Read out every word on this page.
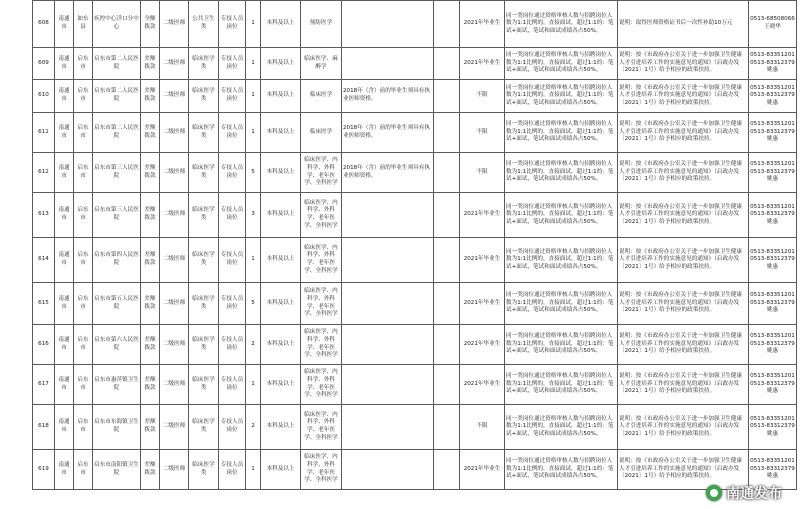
608	南通市	如东县	疾控中心洋口分中心	全额拨款	二级医师	公共卫生类	专技人员岗位	1	本科及以上	预防医学			2021年毕业生	同一类岗位通过资格审核人数与招聘岗位人数为1:1比例的，直接面试，超过1:1的：笔试+面试，笔试和面试成绩各占50%。	说明：取得医师资格证书后一次性补助10万元	0513-68508066王晓华
609	南通市	启东市	启东市第二人民医院	差额拨款	二级医师	临床医学类	专技人员岗位	1	本科及以上	临床医学、麻醉学			2021年毕业生	同一类岗位通过资格审核人数与招聘岗位人数为1:1比例的，直接面试，超过1:1的：笔试+面试，笔试和面试成绩各占50%。	说明：按《市政府办公室关于进一步加强卫生健康人才引进培养工作的实施意见的通知》（启政办发〔2021〕1号）给予相应的政策扶持。	0513-83351201 0513-83312379姚惠
610	南通市	启东市	启东市第二人民医院	差额拨款	二级医师	临床医学类	专技人员岗位	1	本科及以上	临床医学	2018年（含）前的毕业生须具有执业医师资格。		不限	同一类岗位通过资格审核人数与招聘岗位人数为1:1比例的，直接面试，超过1:1的：笔试+面试，笔试和面试成绩各占50%。	说明：按《市政府办公室关于进一步加强卫生健康人才引进培养工作的实施意见的通知》（启政办发〔2021〕1号）给予相应的政策扶持。	0513-83351201 0513-83312379姚惠
611	南通市	启东市	启东市第二人民医院	差额拨款	二级医师	临床医学类	专技人员岗位	1	本科及以上	临床医学	2018年（含）前的毕业生须具有执业医师资格。		不限	同一类岗位通过资格审核人数与招聘岗位人数为1:1比例的，直接面试，超过1:1的：笔试+面试，笔试和面试成绩各占50%。	说明：按《市政府办公室关于进一步加强卫生健康人才引进培养工作的实施意见的通知》（启政办发〔2021〕1号）给予相应的政策扶持。	0513-83351201 0513-83312379姚惠
612	南通市	启东市	启东市第三人民医院	差额拨款	二级医师	临床医学类	专技人员岗位	5	本科及以上	临床医学、内科学、外科学、老年医学、全科医学	2018年（含）前的毕业生须具有执业医师资格。		不限	同一类岗位通过资格审核人数与招聘岗位人数为1:1比例的，直接面试，超过1:1的：笔试+面试，笔试和面试成绩各占50%。	说明：按《市政府办公室关于进一步加强卫生健康人才引进培养工作的实施意见的通知》（启政办发〔2021〕1号）给予相应的政策扶持。	0513-83351201 0513-83312379姚惠
613	南通市	启东市	启东市第三人民医院	差额拨款	二级医师	临床医学类	专技人员岗位	3	本科及以上	临床医学、内科学、外科学、老年医学、全科医学			2021年毕业生	同一类岗位通过资格审核人数与招聘岗位人数为1:1比例的，直接面试，超过1:1的：笔试+面试，笔试和面试成绩各占50%。	说明：按《市政府办公室关于进一步加强卫生健康人才引进培养工作的实施意见的通知》（启政办发〔2021〕1号）给予相应的政策扶持。	0513-83351201 0513-83312379姚惠
614	南通市	启东市	启东市第四人民医院	差额拨款	二级医师	临床医学类	专技人员岗位	1	本科及以上	临床医学、内科学、外科学、老年医学、全科医学			2021年毕业生	同一类岗位通过资格审核人数与招聘岗位人数为1:1比例的，直接面试，超过1:1的：笔试+面试，笔试和面试成绩各占50%。	说明：按《市政府办公室关于进一步加强卫生健康人才引进培养工作的实施意见的通知》（启政办发〔2021〕1号）给予相应的政策扶持。	0513-83351201 0513-83312379姚惠
615	南通市	启东市	启东市第五人民医院	差额拨款	二级医师	临床医学类	专技人员岗位	5	本科及以上	临床医学、内科学、外科学、老年医学、全科医学			2021年毕业生	同一类岗位通过资格审核人数与招聘岗位人数为1:1比例的，直接面试，超过1:1的：笔试+面试，笔试和面试成绩各占50%。	说明：按《市政府办公室关于进一步加强卫生健康人才引进培养工作的实施意见的通知》（启政办发〔2021〕1号）给予相应的政策扶持。	0513-83351201 0513-83312379姚惠
616	南通市	启东市	启东市第六人民医院	差额拨款	二级医师	临床医学类	专技人员岗位	2	本科及以上	临床医学、内科学、外科学、老年医学、全科医学			2021年毕业生	同一类岗位通过资格审核人数与招聘岗位人数为1:1比例的，直接面试，超过1:1的：笔试+面试，笔试和面试成绩各占50%。	说明：按《市政府办公室关于进一步加强卫生健康人才引进培养工作的实施意见的通知》（启政办发〔2021〕1号）给予相应的政策扶持。	0513-83351201 0513-83312379姚惠
617	南通市	启东市	启东市惠萍镇卫生院	差额拨款	二级医师	临床医学类	专技人员岗位	1	本科及以上	临床医学、内科学、外科学、老年医学、全科医学			2021年毕业生	同一类岗位通过资格审核人数与招聘岗位人数为1:1比例的，直接面试，超过1:1的：笔试+面试，笔试和面试成绩各占50%。	说明：按《市政府办公室关于进一步加强卫生健康人才引进培养工作的实施意见的通知》（启政办发〔2021〕1号）给予相应的政策扶持。	0513-83351201 0513-83312379姚惠
618	南通市	启东市	启东市东海镇卫生院	差额拨款	二级医师	临床医学类	专技人员岗位	2	本科及以上	临床医学、内科学、外科学、老年医学、全科医学			不限	同一类岗位通过资格审核人数与招聘岗位人数为1:1比例的，直接面试，超过1:1的：笔试+面试，笔试和面试成绩各占50%。	说明：按《市政府办公室关于进一步加强卫生健康人才引进培养工作的实施意见的通知》（启政办发〔2021〕1号）给予相应的政策扶持。	0513-83351201 0513-83312379姚惠
619	南通市	启东市	启东市南阳镇卫生院	差额拨款	二级医师	临床医学类	专技人员岗位	1	本科及以上	临床医学、内科学、外科学、老年医学、全科医学			2021年毕业生	同一类岗位通过资格审核人数与招聘岗位人数为1:1比例的，直接面试，超过1:1的：笔试+面试，笔试和面试成绩各占50%。	说明：按《市政府办公室关于进一步加强卫生健康人才引进培养工作的实施意见的通知》（启政办发〔2021〕1号）给予相应的政策扶持。	0513-83351201 0513-83312379姚惠
南通发布
